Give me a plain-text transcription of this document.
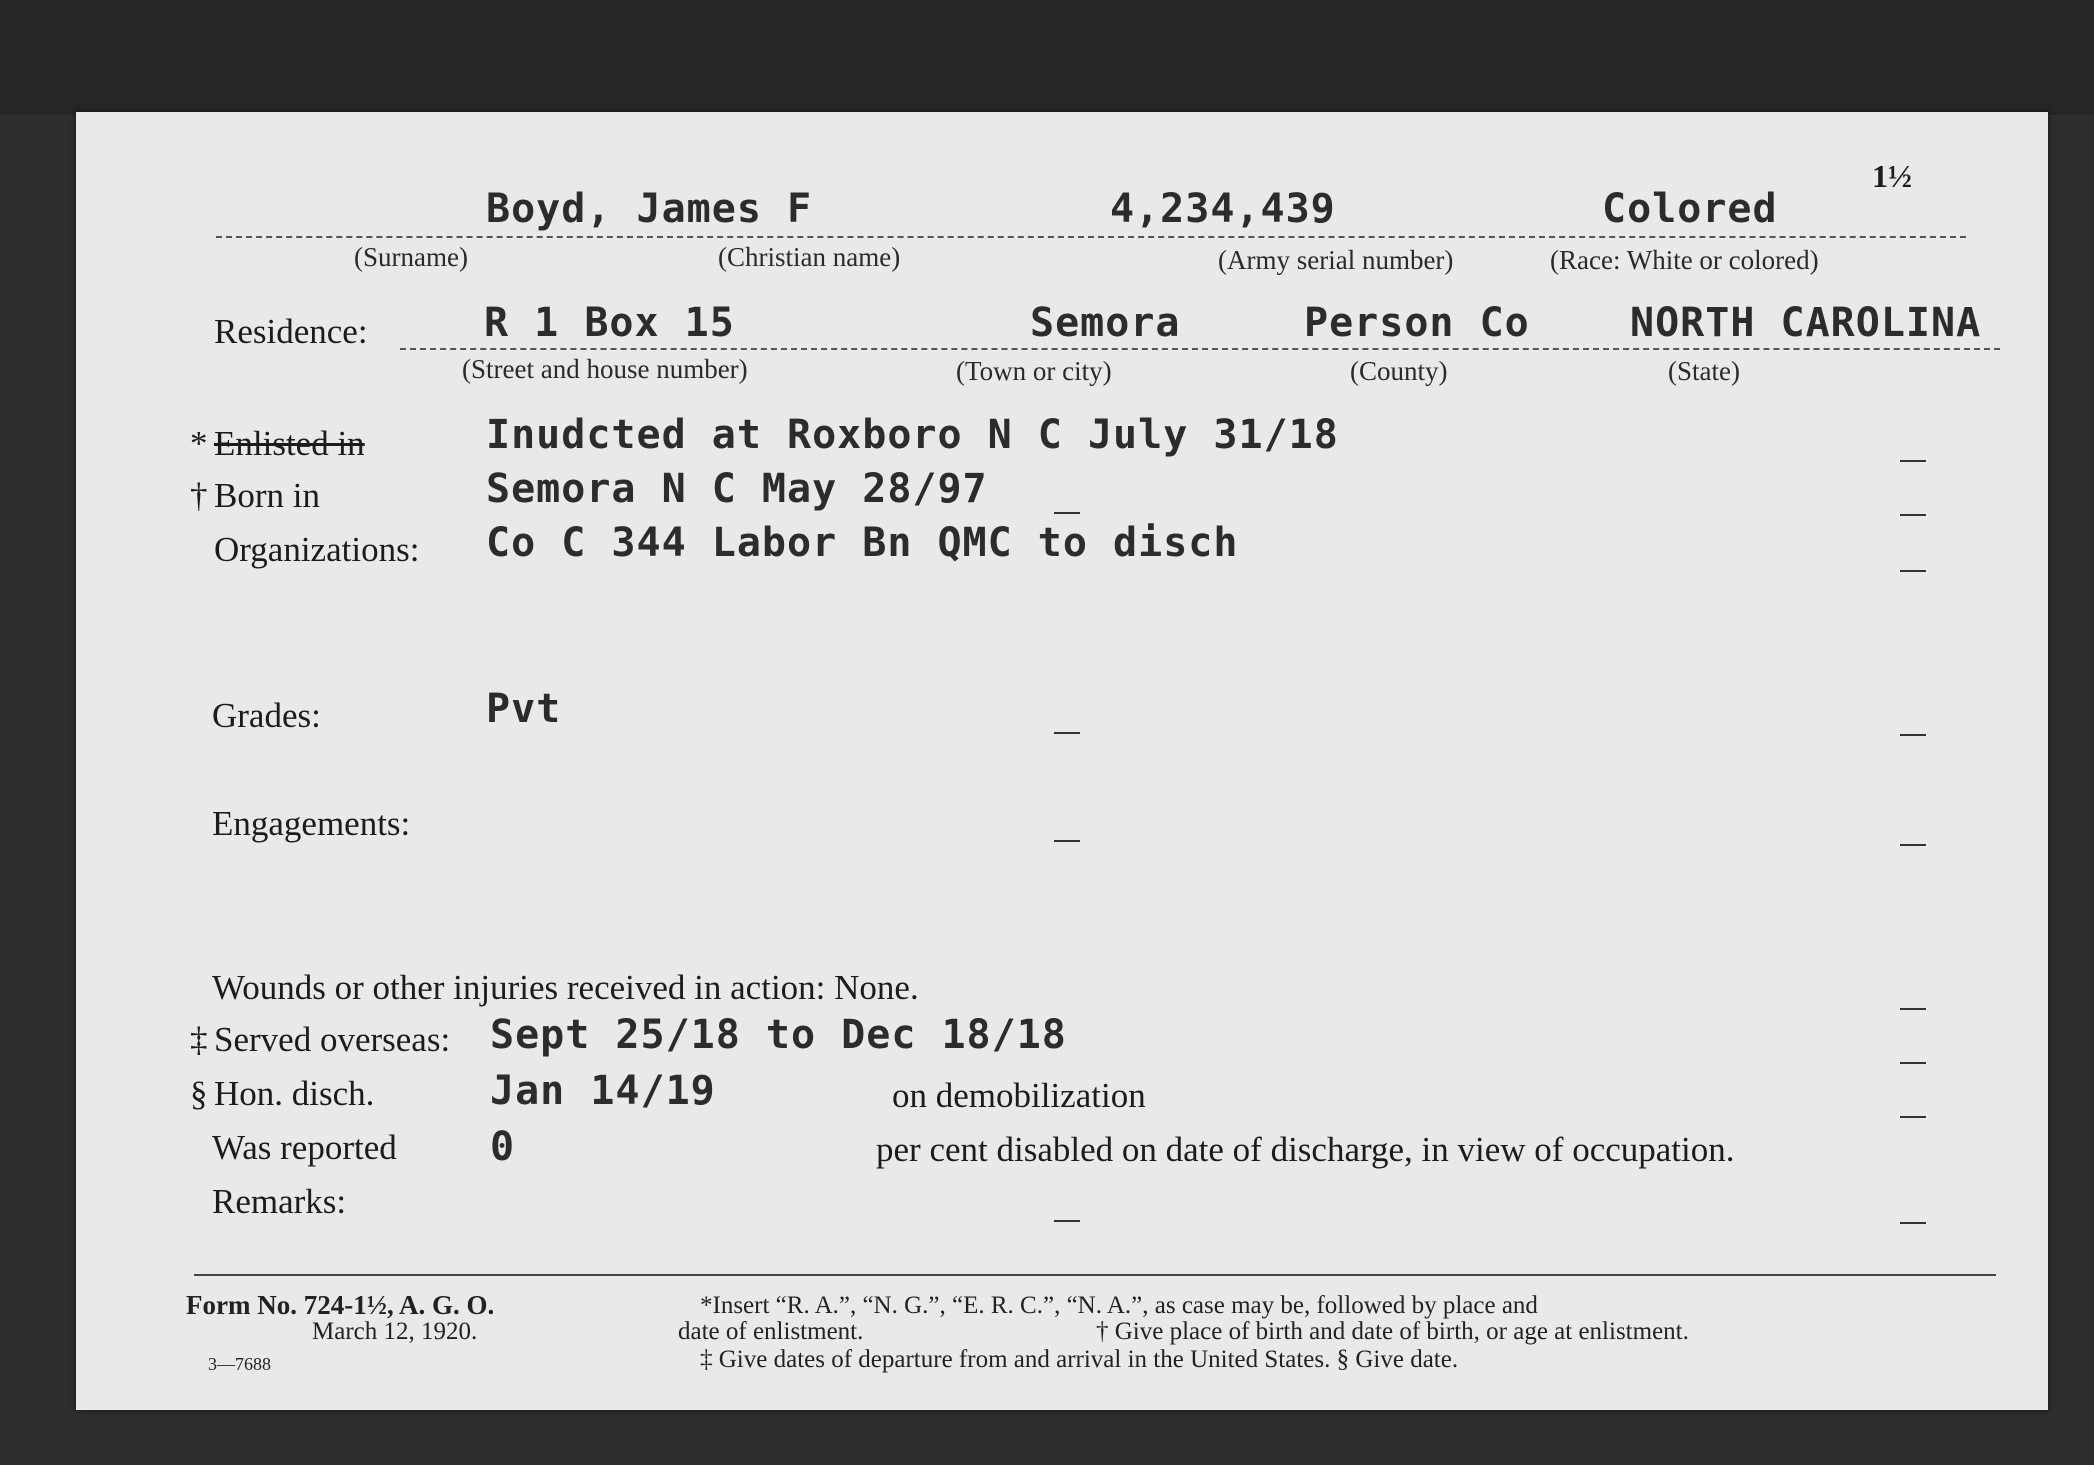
1½
Boyd, James F	4,234,439	Colored
(Surname)	(Christian name)	(Army serial number)	(Race: White or colored)
Residence:	R 1 Box 15	Semora	Person Co	NORTH CAROLINA
(Street and house number)	(Town or city)	(County)	(State)
* Enlisted in	Inudcted at Roxboro N C July 31/18
† Born in	Semora N C May 28/97
Organizations: Co C 344 Labor Bn QMC to disch
Grades:	Pvt
Engagements:
Wounds or other injuries received in action: None.
‡ Served overseas: Sept 25/18 to Dec 18/18
§ Hon. disch.	Jan 14/19	on demobilization
Was reported 0	per cent disabled on date of discharge, in view of occupation.
Remarks:
Form No. 724-1½, A. G. O.
March 12, 1920.
3—7688
*Insert “R. A.”, “N. G.”, “E. R. C.”, “N. A.”, as case may be, followed by place and
date of enlistment.	† Give place of birth and date of birth, or age at enlistment.
‡ Give dates of departure from and arrival in the United States. § Give date.
